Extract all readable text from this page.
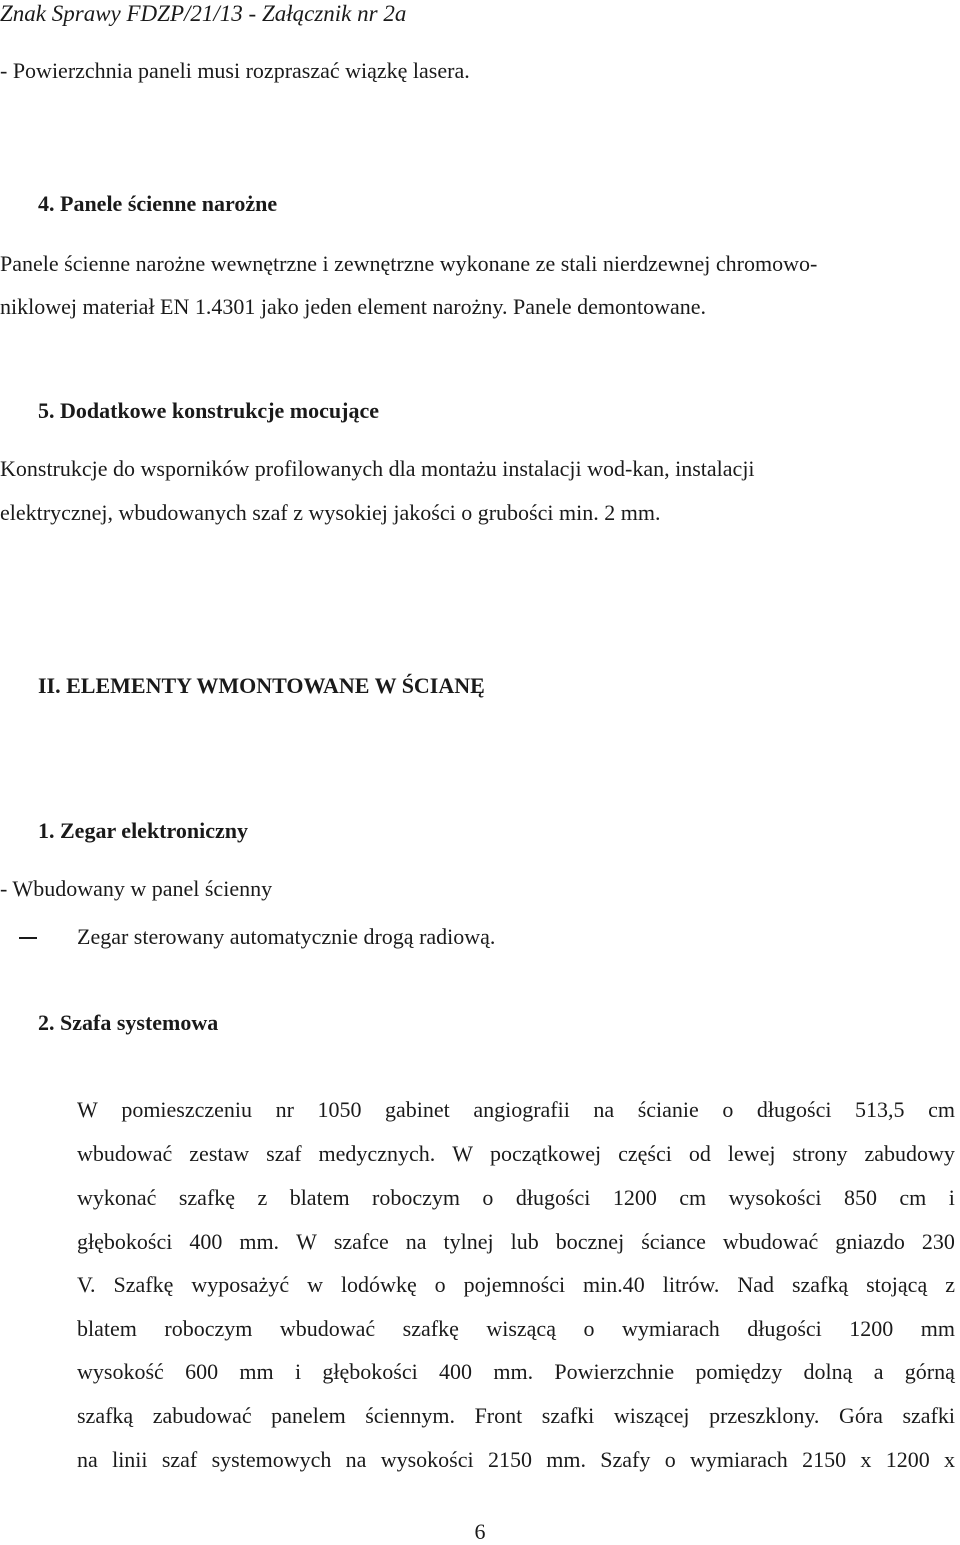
Znak Sprawy FDZP/21/13 - Załącznik nr 2a
- Powierzchnia paneli musi rozpraszać wiązkę lasera.
4. Panele ścienne narożne
Panele ścienne narożne wewnętrzne i zewnętrzne wykonane ze stali nierdzewnej chromowo-
niklowej materiał EN 1.4301 jako jeden element narożny. Panele demontowane.
5. Dodatkowe konstrukcje mocujące
Konstrukcje do wsporników profilowanych dla montażu instalacji wod-kan, instalacji
elektrycznej, wbudowanych szaf z wysokiej jakości o grubości min. 2 mm.
II. ELEMENTY WMONTOWANE W ŚCIANĘ
1. Zegar elektroniczny
- Wbudowany w panel ścienny
Zegar sterowany automatycznie drogą radiową.
2. Szafa systemowa
W pomieszczeniu nr 1050 gabinet angiografii na ścianie o długości 513,5 cm
wbudować zestaw szaf medycznych. W początkowej części od lewej strony zabudowy
wykonać szafkę z blatem roboczym o długości 1200 cm wysokości 850 cm i
głębokości 400 mm. W szafce na tylnej lub bocznej ściance wbudować gniazdo 230
V. Szafkę wyposażyć w lodówkę o pojemności min.40 litrów. Nad szafką stojącą z
blatem roboczym wbudować szafkę wiszącą o wymiarach długości 1200 mm
wysokość 600 mm i głębokości 400 mm. Powierzchnie pomiędzy dolną a górną
szafką zabudować panelem ściennym. Front szafki wiszącej przeszklony. Góra szafki
na linii szaf systemowych na wysokości 2150 mm. Szafy o wymiarach 2150 x 1200 x
6
